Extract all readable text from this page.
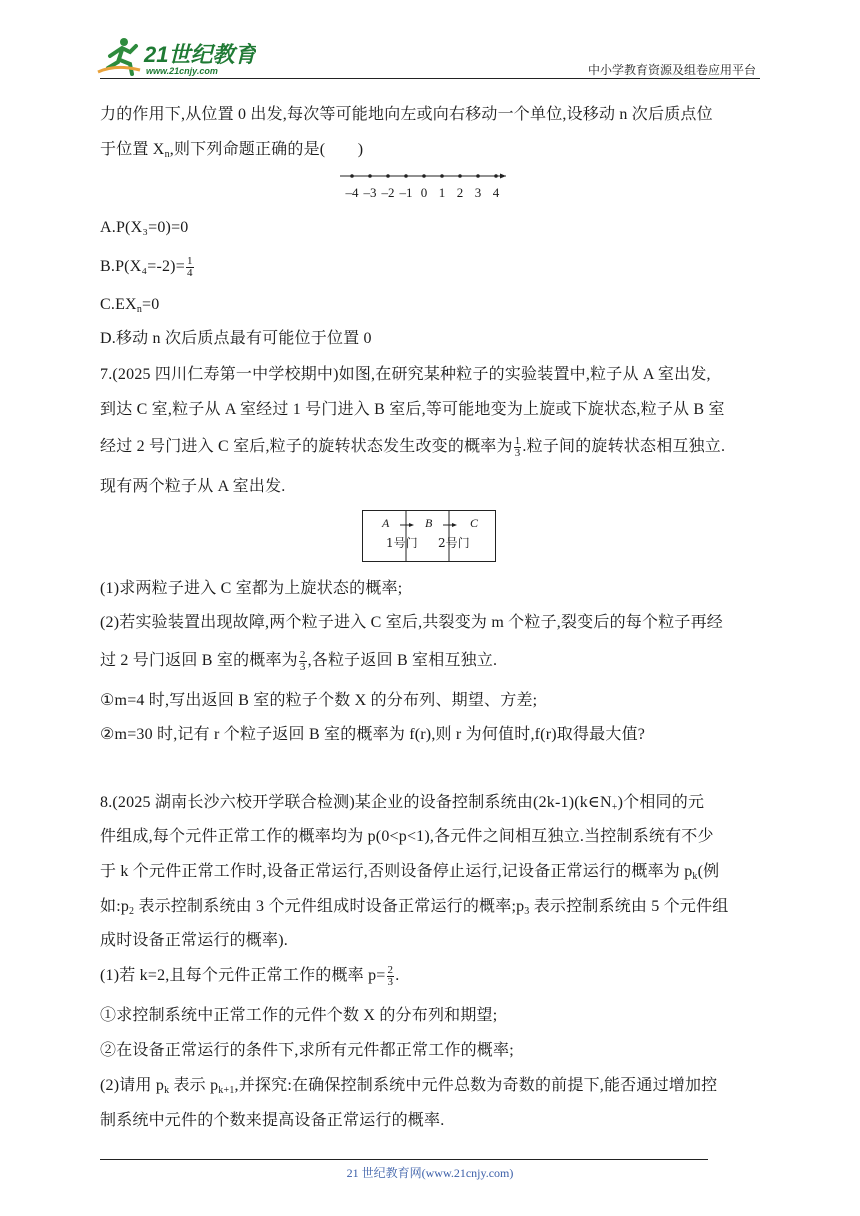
21世纪教育
www.21cnjy.com	中小学教育资源及组卷应用平台
力的作用下,从位置 0 出发,每次等可能地向左或向右移动一个单位,设移动 n 次后质点位
于位置 $X_n$,则下列命题正确的是(　　)
–4 –3 –2 –1 0 1 2 3 4
A.P(X₃=0)=0
$B.P(X_4=-2)= \frac{1}{4}$
$C.EX_n=0$
D.移动 n 次后质点最有可能位于位置 0
7.(2025 四川仁寿第一中学校期中)如图,在研究某种粒子的实验装置中,粒子从 A 室出发,
到达 C 室,粒子从 A 室经过 1 号门进入 B 室后,等可能地变为上旋或下旋状态,粒子从 B 室
经过 2 号门进入 C 室后,粒子的旋转状态发生改变的概率为 $\frac{1}{3}$ .粒子间的旋转状态相互独立.
现有两个粒子从 A 室出发.
A	B	C
1号门 2号门
(1)求两粒子进入 C 室都为上旋状态的概率;
(2)若实验装置出现故障,两个粒子进入 C 室后,共裂变为 m 个粒子,裂变后的每个粒子再经
过 2 号门返回 B 室的概率为 $\frac{2}{3}$ ,各粒子返回 B 室相互独立.
①m=4 时,写出返回 B 室的粒子个数 X 的分布列、期望、方差;
②m=30 时,记有 r 个粒子返回 B 室的概率为 f(r),则 r 为何值时,f(r)取得最大值?
8.(2025 湖南长沙六校开学联合检测)某企业的设备控制系统由$(2k-1)(k\in N_+)$个相同的元
件组成,每个元件正常工作的概率均为 p(0<p<1),各元件之间相互独立.当控制系统有不少
于 k 个元件正常工作时,设备正常运行,否则设备停止运行,记设备正常运行的概率为 $p_k$(例
如$:p_2$ 表示控制系统由 3 个元件组成时设备正常运行的概率$;p_3$ 表示控制系统由 5 个元件组
成时设备正常运行的概率).
(1)若 k=2,且每个元件正常工作的概率 $p= \frac{2}{3}$ .
①求控制系统中正常工作的元件个数 X 的分布列和期望;
②在设备正常运行的条件下,求所有元件都正常工作的概率;
(2)请用 $p_k$ 表示 $p_{k+1}$,并探究:在确保控制系统中元件总数为奇数的前提下,能否通过增加控
制系统中元件的个数来提高设备正常运行的概率.
21 世纪教育网(www.21cnjy.com)
